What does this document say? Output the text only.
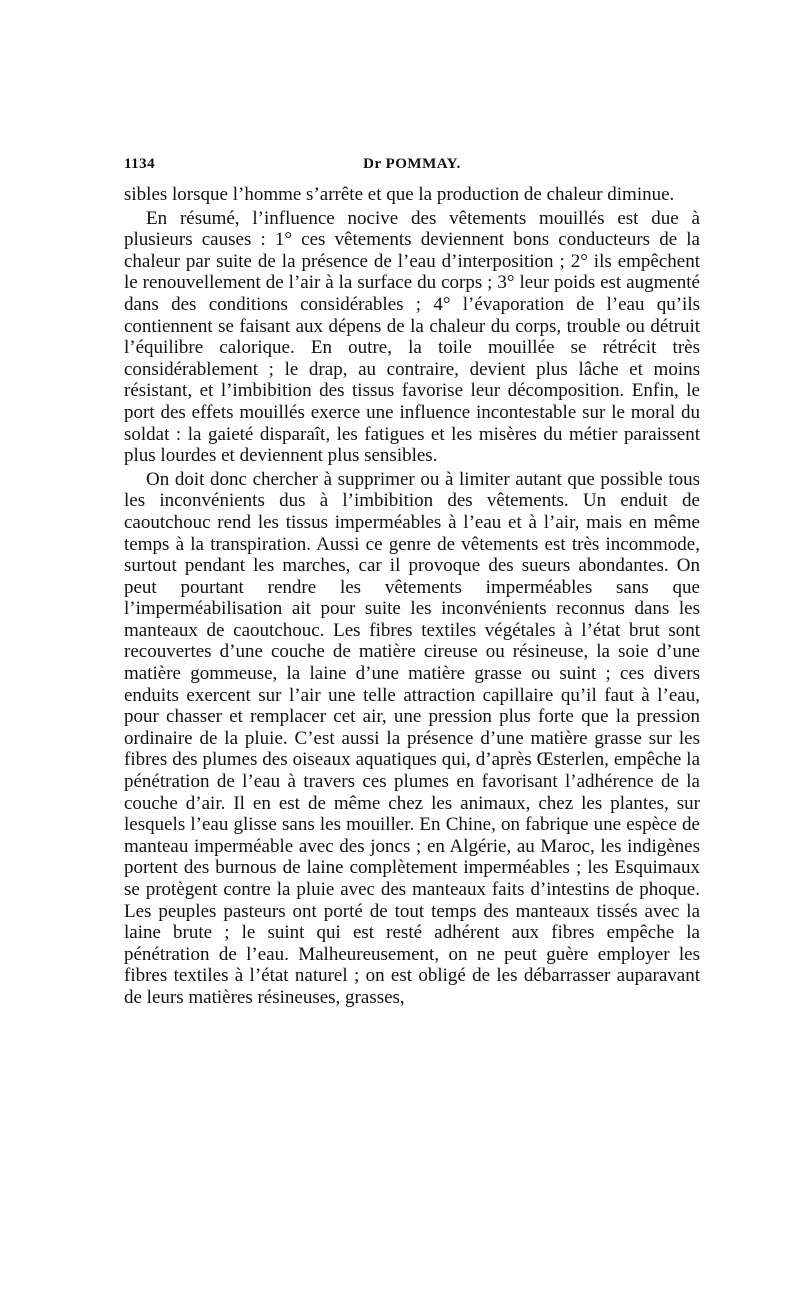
1134	Dr POMMAY.

sibles lorsque l’homme s’arrête et que la production de chaleur diminue.

En résumé, l’influence nocive des vêtements mouillés est due à plusieurs causes : 1° ces vêtements deviennent bons conducteurs de la chaleur par suite de la présence de l’eau d’interposition ; 2° ils empêchent le renouvellement de l’air à la surface du corps ; 3° leur poids est augmenté dans des conditions considérables ; 4° l’évaporation de l’eau qu’ils contiennent se faisant aux dépens de la chaleur du corps, trouble ou détruit l’équilibre calorique. En outre, la toile mouillée se rétrécit très considérablement ; le drap, au contraire, devient plus lâche et moins résistant, et l’imbibition des tissus favorise leur décomposition. Enfin, le port des effets mouillés exerce une influence incontestable sur le moral du soldat : la gaieté disparaît, les fatigues et les misères du métier paraissent plus lourdes et deviennent plus sensibles.

On doit donc chercher à supprimer ou à limiter autant que possible tous les inconvénients dus à l’imbibition des vêtements. Un enduit de caoutchouc rend les tissus imperméables à l’eau et à l’air, mais en même temps à la transpiration. Aussi ce genre de vêtements est très incommode, surtout pendant les marches, car il provoque des sueurs abondantes. On peut pourtant rendre les vêtements imperméables sans que l’imperméabilisation ait pour suite les inconvénients reconnus dans les manteaux de caoutchouc. Les fibres textiles végétales à l’état brut sont recouvertes d’une couche de matière cireuse ou résineuse, la soie d’une matière gommeuse, la laine d’une matière grasse ou suint ; ces divers enduits exercent sur l’air une telle attraction capillaire qu’il faut à l’eau, pour chasser et remplacer cet air, une pression plus forte que la pression ordinaire de la pluie. C’est aussi la présence d’une matière grasse sur les fibres des plumes des oiseaux aquatiques qui, d’après Œsterlen, empêche la pénétration de l’eau à travers ces plumes en favorisant l’adhérence de la couche d’air. Il en est de même chez les animaux, chez les plantes, sur lesquels l’eau glisse sans les mouiller. En Chine, on fabrique une espèce de manteau imperméable avec des joncs ; en Algérie, au Maroc, les indigènes portent des burnous de laine complètement imperméables ; les Esquimaux se protègent contre la pluie avec des manteaux faits d’intestins de phoque. Les peuples pasteurs ont porté de tout temps des manteaux tissés avec la laine brute ; le suint qui est resté adhérent aux fibres empêche la pénétration de l’eau. Malheureusement, on ne peut guère employer les fibres textiles à l’état naturel ; on est obligé de les débarrasser auparavant de leurs matières résineuses, grasses,
